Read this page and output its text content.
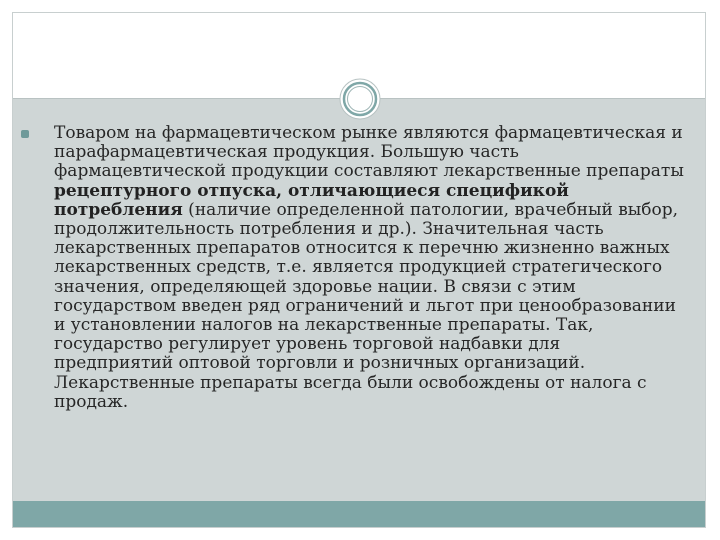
Товаром на фармацевтическом рынке являются фармацевтическая и парафармацевтическая продукция. Большую часть фармацевтической продукции составляют лекарственные препараты рецептурного отпуска, отличающиеся спецификой потребления (наличие определенной патологии, врачебный выбор, продолжительность потребления и др.). Значительная часть лекарственных препаратов относится к перечню жизненно важных лекарственных средств, т.е. является продукцией стратегического значения, определяющей здоровье нации. В связи с этим государством введен ряд ограничений и льгот при ценообразовании и установлении налогов на лекарственные препараты. Так, государство регулирует уровень торговой надбавки для предприятий оптовой торговли и розничных организаций. Лекарственные препараты всегда были освобождены от налога с продаж.
